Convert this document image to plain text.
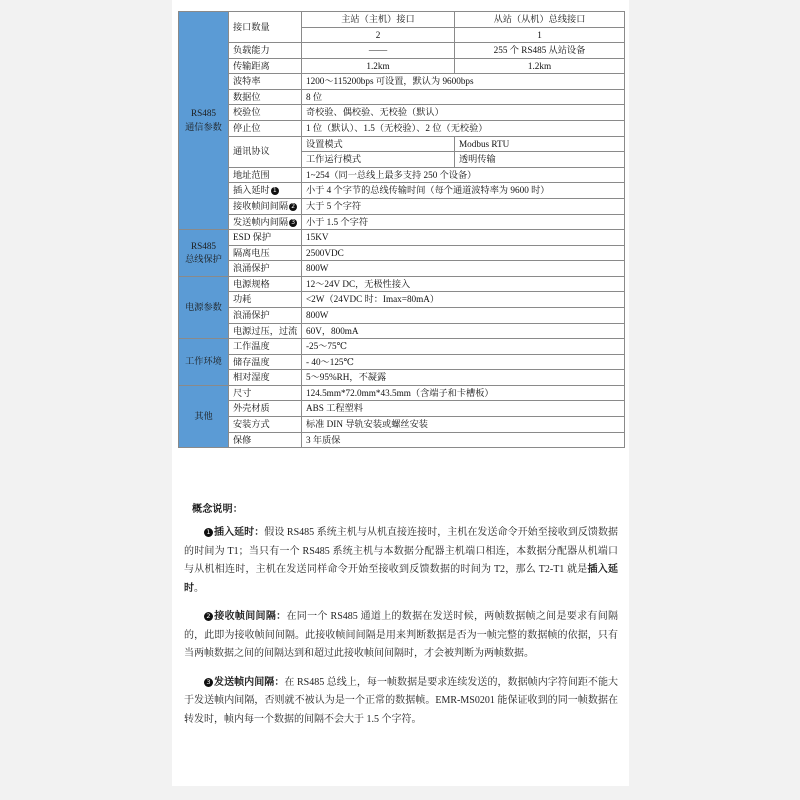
RS485
通信参数	接口数量	主站（主机）接口	从站（从机）总线接口
		2	1
	负载能力	——	255 个 RS485 从站设备
	传输距离	1.2km	1.2km
	波特率	1200～115200bps 可设置，默认为 9600bps	
	数据位	8 位	
	校验位	奇校验、偶校验、无校验（默认）	
	停止位	1 位（默认）、1.5（无校验）、2 位（无校验）	
	通讯协议	设置模式	Modbus RTU
		工作运行模式	透明传输
	地址范围	1~254（同一总线上最多支持 250 个设备）	
	插入延时 1	小于 4 个字节的总线传输时间（每个通道波特率为 9600 时）	
	接收帧间间隔 2	大于 5 个字符	
	发送帧内间隔 3	小于 1.5 个字符	
RS485
总线保护	ESD 保护	15KV	
	隔离电压	2500VDC	
	浪涌保护	800W	
电源参数	电源规格	12～24V DC，无极性接入	
	功耗	<2W（24VDC 时：Imax=80mA）	
	浪涌保护	800W	
	电源过压，过流	60V，800mA	
工作环境	工作温度	-25～75℃	
	储存温度	- 40～125℃	
	相对湿度	5～95%RH，不凝露	
其他	尺寸	124.5mm*72.0mm*43.5mm（含端子和卡槽板）	
	外壳材质	ABS 工程塑料	
	安装方式	标准 DIN 导轨安装或螺丝安装	
	保修	3 年质保	
概念说明：

1 插入延时：假设 RS485 系统主机与从机直接连接时，主机在发送命令开始至接收到反馈数据的时间为 T1；当只有一个 RS485 系统主机与本数据分配器主机端口相连，本数据分配器从机端口与从机相连时，主机在发送同样命令开始至接收到反馈数据的时间为 T2，那么 T2-T1 就是插入延时。

2 接收帧间间隔：在同一个 RS485 通道上的数据在发送时候，两帧数据帧之间是要求有间隔的，此即为接收帧间间隔。此接收帧间间隔是用来判断数据是否为一帧完整的数据帧的依据，只有当两帧数据之间的间隔达到和超过此接收帧间间隔时，才会被判断为两帧数据。

3 发送帧内间隔：在 RS485 总线上，每一帧数据是要求连续发送的，数据帧内字符间距不能大于发送帧内间隔，否则就不被认为是一个正常的数据帧。EMR-MS0201 能保证收到的同一帧数据在转发时，帧内每一个数据的间隔不会大于 1.5 个字符。
